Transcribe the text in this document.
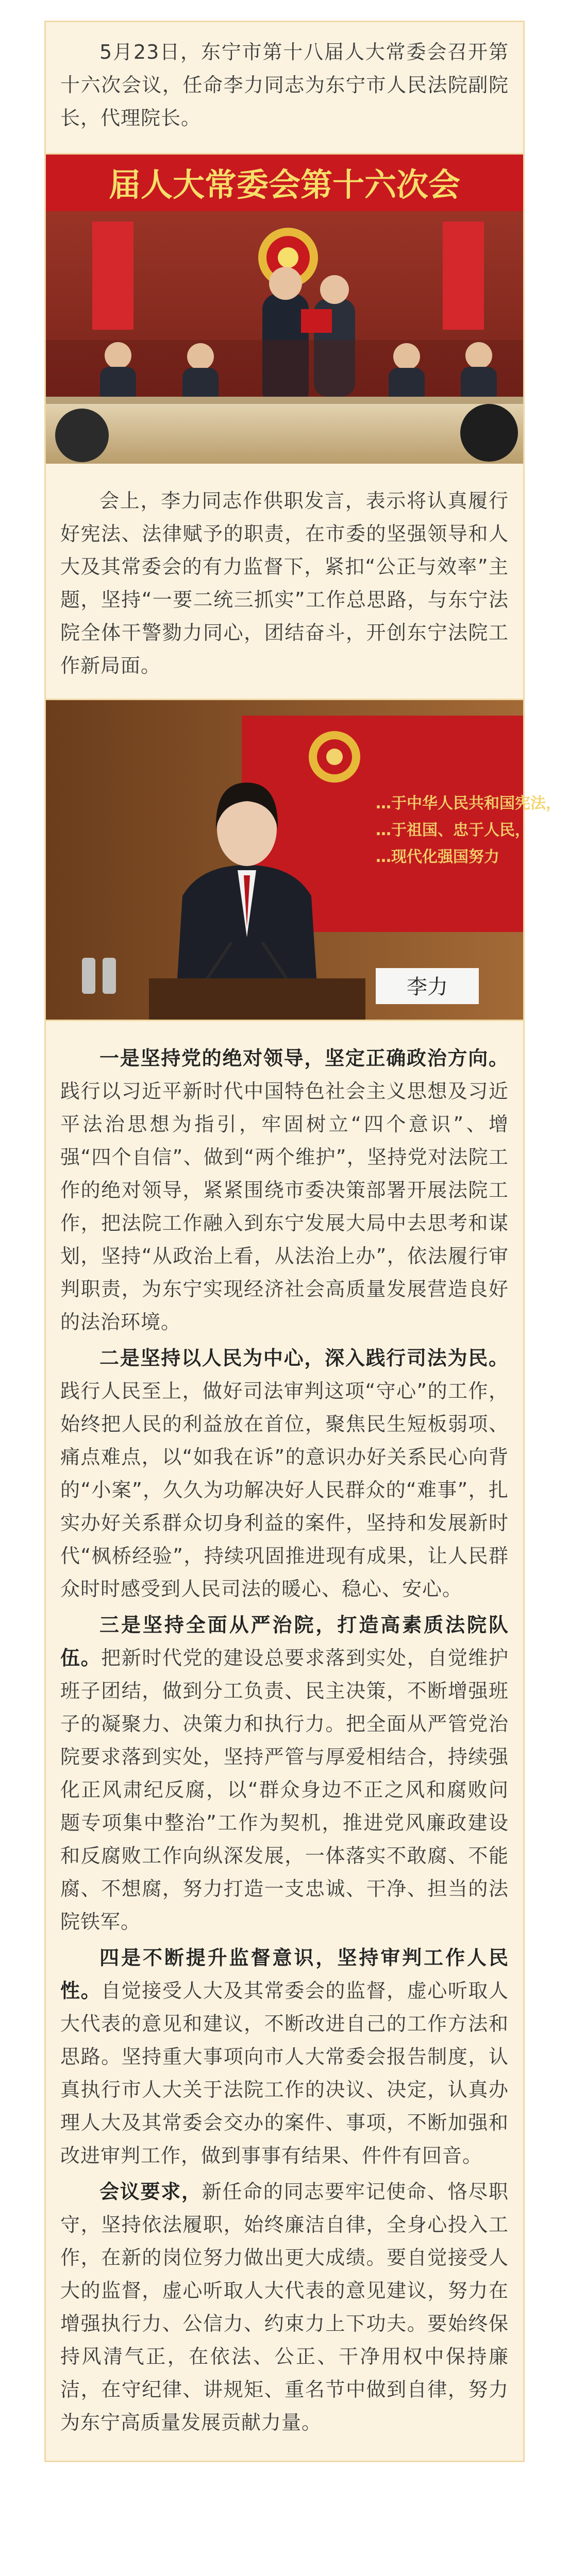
5月23日，东宁市第十八届人大常委会召开第十六次会议，任命李力同志为东宁市人民法院副院长，代理院长。

届人大常委会第十六次会

会上，李力同志作供职发言，表示将认真履行好宪法、法律赋予的职责，在市委的坚强领导和人大及其常委会的有力监督下，紧扣“公正与效率”主题，坚持“一要二统三抓实”工作总思路，与东宁法院全体干警勠力同心，团结奋斗，开创东宁法院工作新局面。

…于中华人民共和国宪法，
…于祖国、忠于人民，
…现代化强国努力
李力

一是坚持党的绝对领导，坚定正确政治方向。践行以习近平新时代中国特色社会主义思想及习近平法治思想为指引，牢固树立“四个意识”、增强“四个自信”、做到“两个维护”，坚持党对法院工作的绝对领导，紧紧围绕市委决策部署开展法院工作，把法院工作融入到东宁发展大局中去思考和谋划，坚持“从政治上看，从法治上办”，依法履行审判职责，为东宁实现经济社会高质量发展营造良好的法治环境。

二是坚持以人民为中心，深入践行司法为民。践行人民至上，做好司法审判这项“守心”的工作，始终把人民的利益放在首位，聚焦民生短板弱项、痛点难点，以“如我在诉”的意识办好关系民心向背的“小案”，久久为功解决好人民群众的“难事”，扎实办好关系群众切身利益的案件，坚持和发展新时代“枫桥经验”，持续巩固推进现有成果，让人民群众时时感受到人民司法的暖心、稳心、安心。

三是坚持全面从严治院，打造高素质法院队伍。把新时代党的建设总要求落到实处，自觉维护班子团结，做到分工负责、民主决策，不断增强班子的凝聚力、决策力和执行力。把全面从严管党治院要求落到实处，坚持严管与厚爱相结合，持续强化正风肃纪反腐，以“群众身边不正之风和腐败问题专项集中整治”工作为契机，推进党风廉政建设和反腐败工作向纵深发展，一体落实不敢腐、不能腐、不想腐，努力打造一支忠诚、干净、担当的法院铁军。

四是不断提升监督意识，坚持审判工作人民性。自觉接受人大及其常委会的监督，虚心听取人大代表的意见和建议，不断改进自己的工作方法和思路。坚持重大事项向市人大常委会报告制度，认真执行市人大关于法院工作的决议、决定，认真办理人大及其常委会交办的案件、事项，不断加强和改进审判工作，做到事事有结果、件件有回音。

会议要求，新任命的同志要牢记使命、恪尽职守，坚持依法履职，始终廉洁自律，全身心投入工作，在新的岗位努力做出更大成绩。要自觉接受人大的监督，虚心听取人大代表的意见建议，努力在增强执行力、公信力、约束力上下功夫。要始终保持风清气正，在依法、公正、干净用权中保持廉洁，在守纪律、讲规矩、重名节中做到自律，努力为东宁高质量发展贡献力量。
